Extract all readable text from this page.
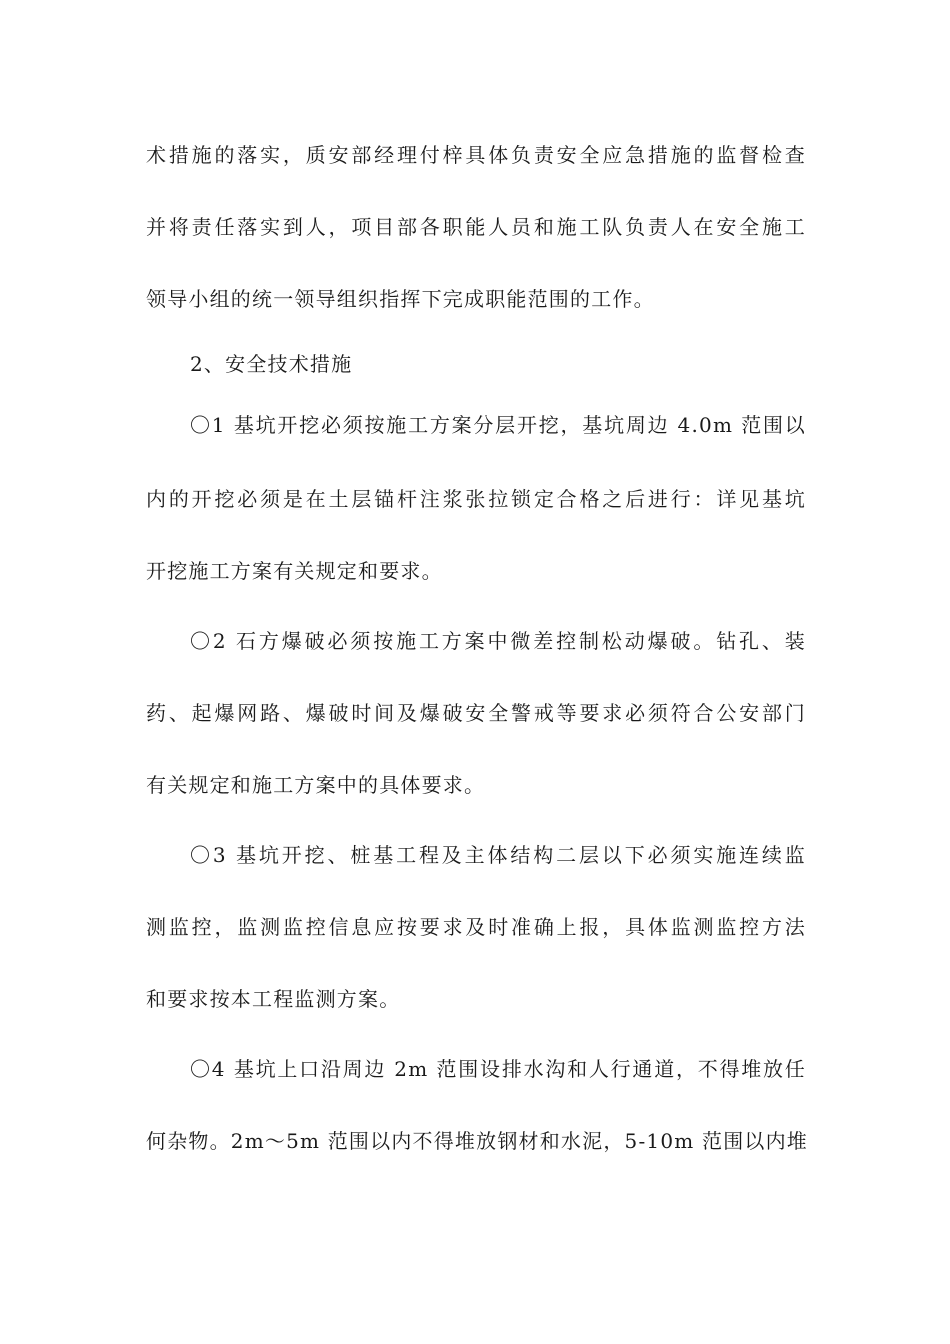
术措施的落实，质安部经理付梓具体负责安全应急措施的监督检查
并将责任落实到人，项目部各职能人员和施工队负责人在安全施工
领导小组的统一领导组织指挥下完成职能范围的工作。
2、安全技术措施
〇1 基坑开挖必须按施工方案分层开挖，基坑周边 4.0m 范围以
内的开挖必须是在土层锚杆注浆张拉锁定合格之后进行：详见基坑
开挖施工方案有关规定和要求。
〇2 石方爆破必须按施工方案中微差控制松动爆破。钻孔、装
药、起爆网路、爆破时间及爆破安全警戒等要求必须符合公安部门
有关规定和施工方案中的具体要求。
〇3 基坑开挖、桩基工程及主体结构二层以下必须实施连续监
测监控，监测监控信息应按要求及时准确上报，具体监测监控方法
和要求按本工程监测方案。
〇4 基坑上口沿周边 2m 范围设排水沟和人行通道，不得堆放任
何杂物。2m～5m 范围以内不得堆放钢材和水泥，5-10m 范围以内堆
